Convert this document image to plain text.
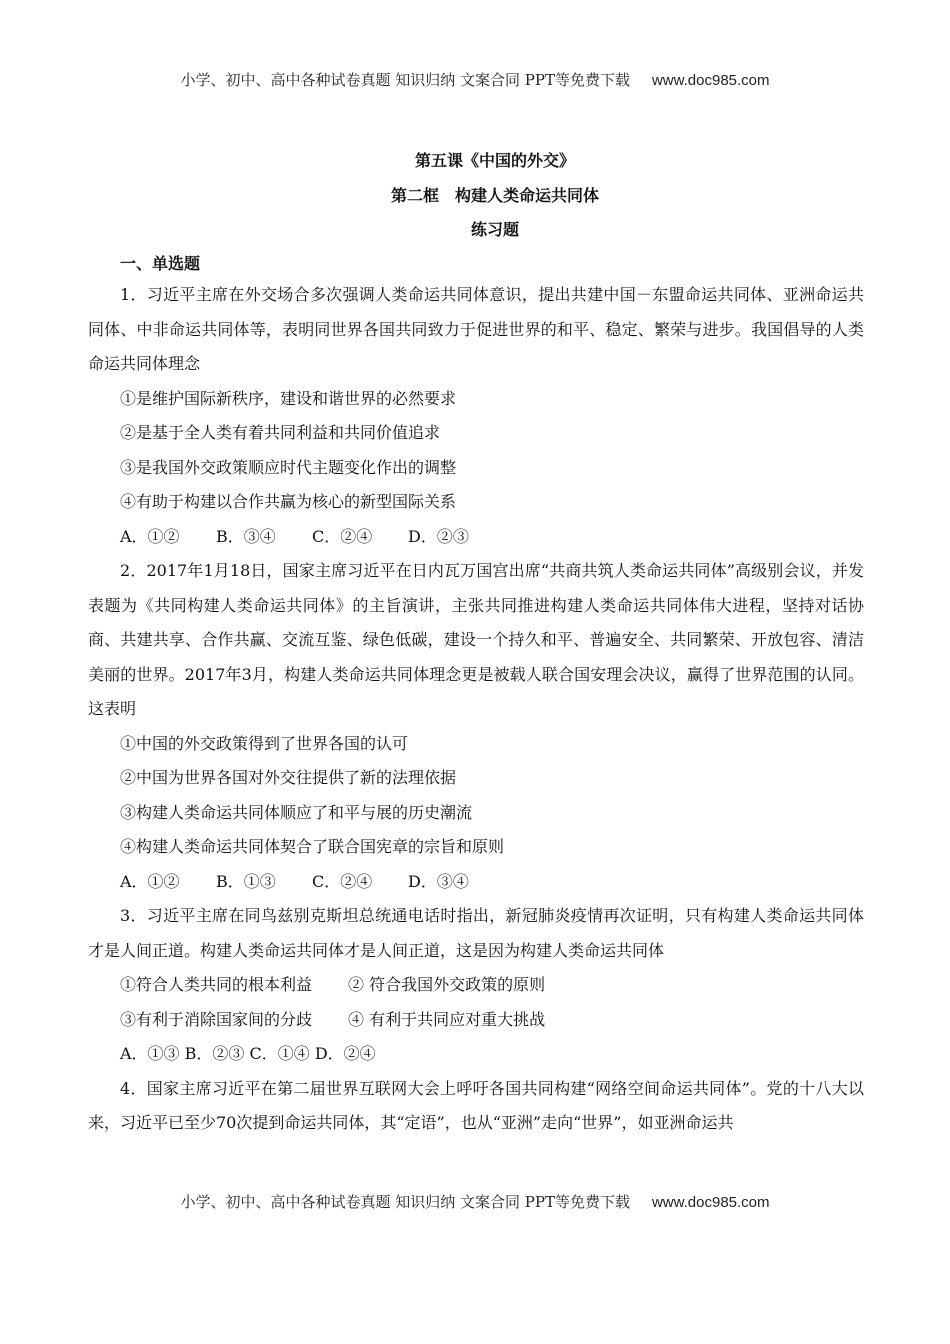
小学、初中、高中各种试卷真题 知识归纳 文案合同 PPT等免费下载 www.doc985.com
第五课《中国的外交》
第二框　构建人类命运共同体
练习题
一、单选题

1．习近平主席在外交场合多次强调人类命运共同体意识，提出共建中国－东盟命运共同体、亚洲命运共同体、中非命运共同体等，表明同世界各国共同致力于促进世界的和平、稳定、繁荣与进步。我国倡导的人类命运共同体理念

①是维护国际新秩序，建设和谐世界的必然要求

②是基于全人类有着共同利益和共同价值追求

③是我国外交政策顺应时代主题变化作出的调整

④有助于构建以合作共赢为核心的新型国际关系

A．①② B．③④ C．②④ D．②③

2．2017年1月18日，国家主席习近平在日内瓦万国宫出席“共商共筑人类命运共同体”高级别会议，并发表题为《共同构建人类命运共同体》的主旨演讲，主张共同推进构建人类命运共同体伟大进程，坚持对话协商、共建共享、合作共赢、交流互鉴、绿色低碳，建设一个持久和平、普遍安全、共同繁荣、开放包容、清洁美丽的世界。2017年3月，构建人类命运共同体理念更是被载人联合国安理会决议，赢得了世界范围的认同。这表明

①中国的外交政策得到了世界各国的认可

②中国为世界各国对外交往提供了新的法理依据

③构建人类命运共同体顺应了和平与展的历史潮流

④构建人类命运共同体契合了联合国宪章的宗旨和原则

A．①② B．①③ C．②④ D．③④

3．习近平主席在同鸟兹别克斯坦总统通电话时指出，新冠肺炎疫情再次证明，只有构建人类命运共同体才是人间正道。构建人类命运共同体才是人间正道，这是因为构建人类命运共同体

①符合人类共同的根本利益 ② 符合我国外交政策的原则

③有利于消除国家间的分歧 ④ 有利于共同应对重大挑战

A．①③ B．②③ C．①④ D．②④

4．国家主席习近平在第二届世界互联网大会上呼吁各国共同构建“网络空间命运共同体”。党的十八大以来，习近平已至少70次提到命运共同体，其“定语”，也从“亚洲”走向“世界”，如亚洲命运共

小学、初中、高中各种试卷真题 知识归纳 文案合同 PPT等免费下载 www.doc985.com
